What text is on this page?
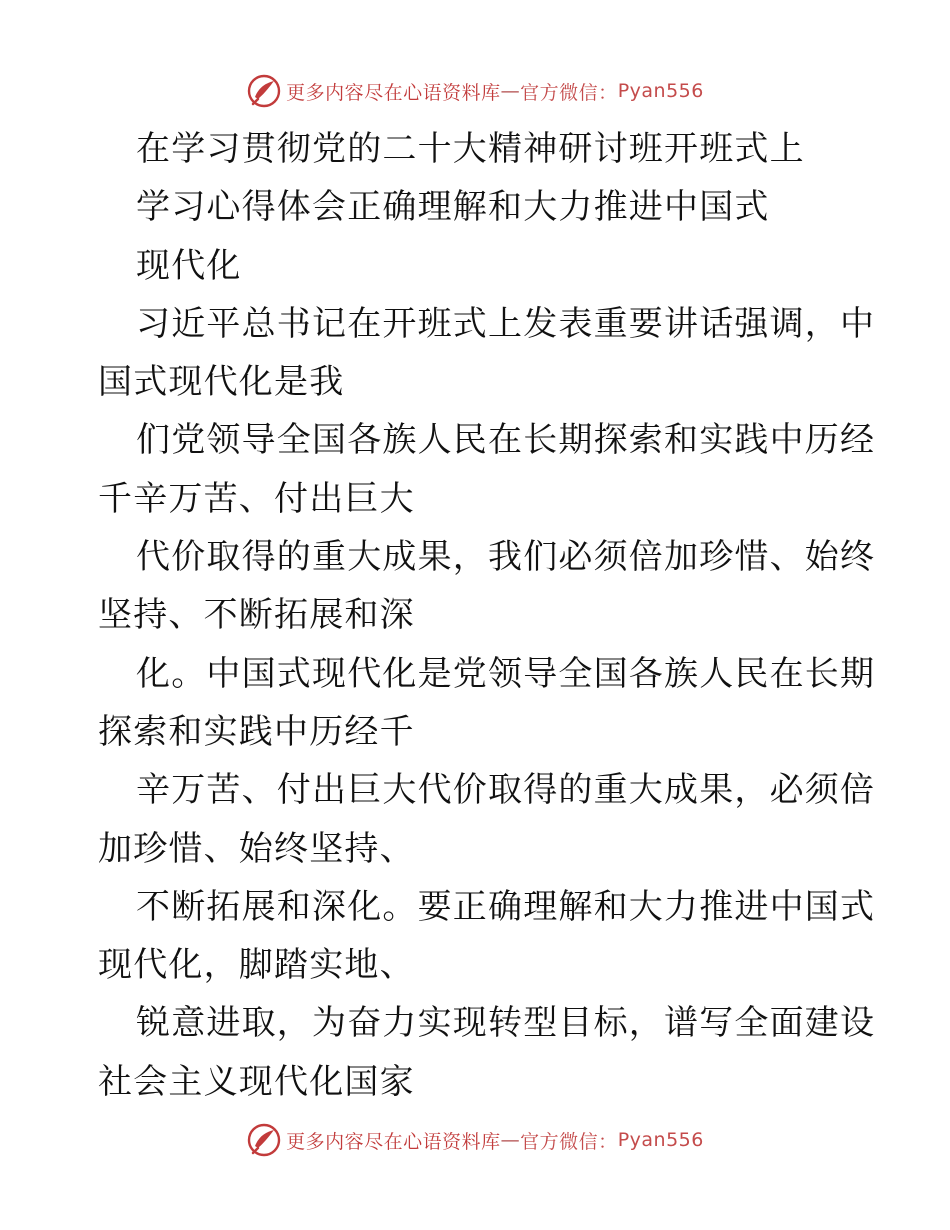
更多内容尽在心语资料库 — 官方微信： Pyan556
在学习贯彻党的二十大精神研讨班开班式上
学习心得体会正确理解和大力推进中国式
现代化
习近平总书记在开班式上发表重要讲话强调，中
国式现代化是我
们党领导全国各族人民在长期探索和实践中历经
千辛万苦、付出巨大
代价取得的重大成果，我们必须倍加珍惜、始终
坚持、不断拓展和深
化。中国式现代化是党领导全国各族人民在长期
探索和实践中历经千
辛万苦、付出巨大代价取得的重大成果，必须倍
加珍惜、始终坚持、
不断拓展和深化。要正确理解和大力推进中国式
现代化，脚踏实地、
锐意进取，为奋力实现转型目标，谱写全面建设
社会主义现代化国家
更多内容尽在心语资料库 — 官方微信： Pyan556
